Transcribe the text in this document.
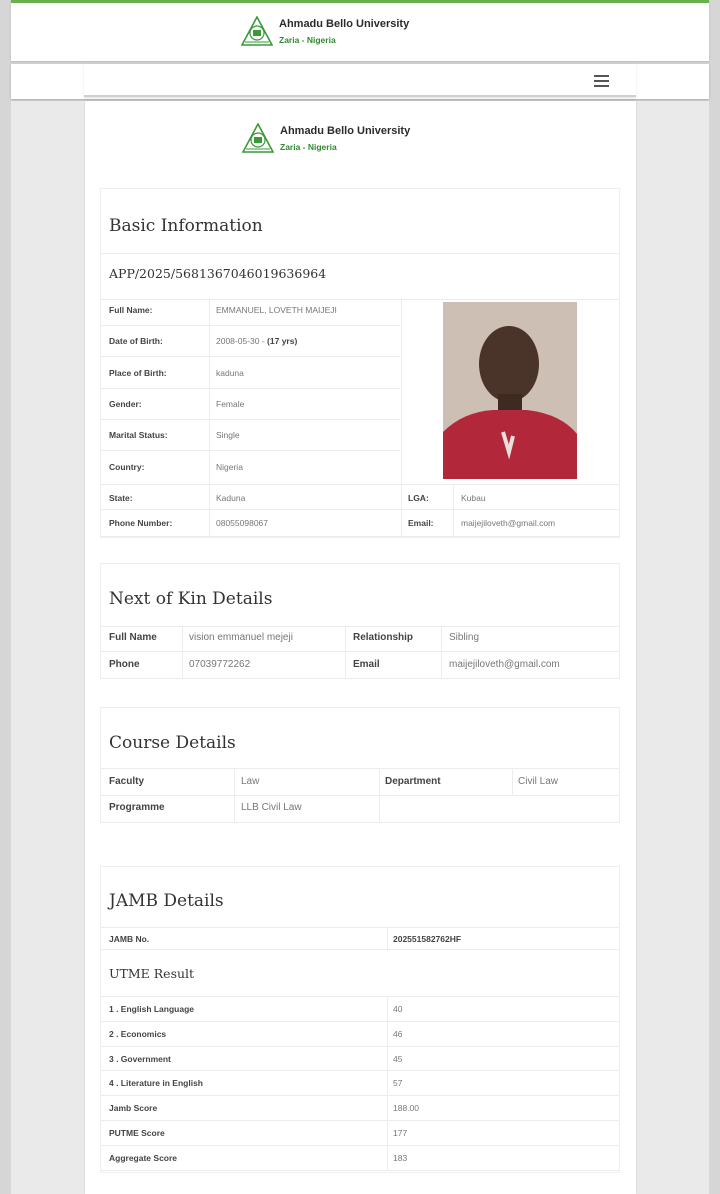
Ahmadu Bello University
Zaria - Nigeria
Ahmadu Bello University
Zaria - Nigeria
Basic Information
APP/2025/5681367046019636964
Full Name:	EMMANUEL, LOVETH MAIJEJI
Date of Birth:	2008-05-30 - (17 yrs)
Place of Birth:	kaduna
Gender:	Female
Marital Status:	Single
Country:	Nigeria
State:	Kaduna	LGA:	Kubau
Phone Number:	08055098067	Email:	maijejiloveth@gmail.com
Next of Kin Details
Full Name	vision emmanuel mejeji	Relationship	Sibling
Phone	07039772262	Email	maijejiloveth@gmail.com
Course Details
Faculty	Law	Department	Civil Law
Programme	LLB Civil Law
JAMB Details
JAMB No.	202551582762HF
UTME Result
1 . English Language	40
2 . Economics	46
3 . Government	45
4 . Literature in English	57
Jamb Score	188.00
PUTME Score	177
Aggregate Score	183
